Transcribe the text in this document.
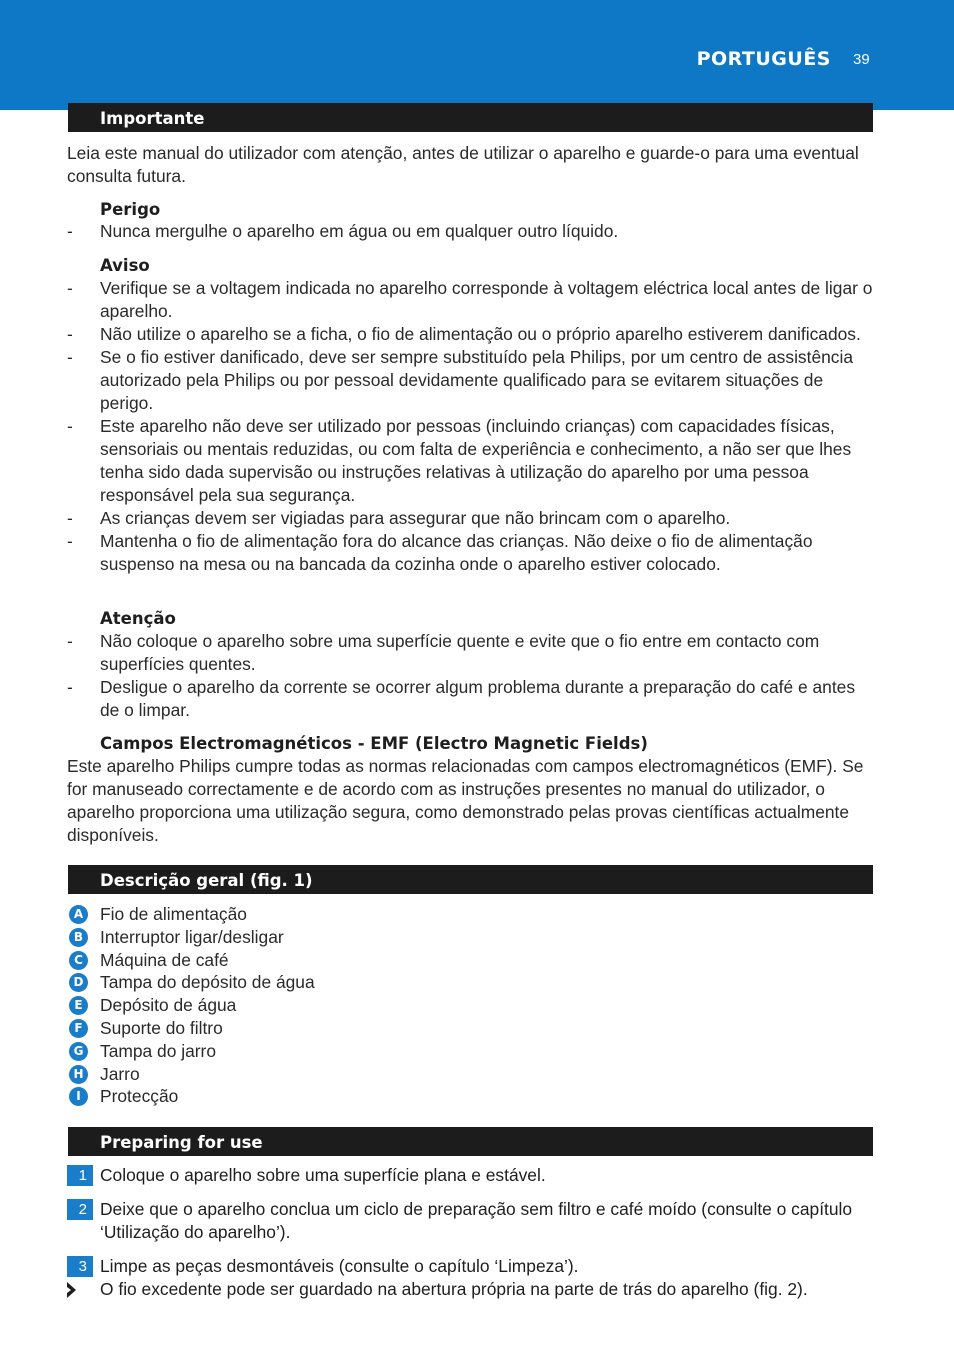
PORTUGUÊS 39
Importante
Leia este manual do utilizador com atenção, antes de utilizar o aparelho e guarde-o para uma eventual consulta futura.
Perigo
- Nunca mergulhe o aparelho em água ou em qualquer outro líquido.
Aviso
- Verifique se a voltagem indicada no aparelho corresponde à voltagem eléctrica local antes de ligar o aparelho.
- Não utilize o aparelho se a ficha, o fio de alimentação ou o próprio aparelho estiverem danificados.
- Se o fio estiver danificado, deve ser sempre substituído pela Philips, por um centro de assistência autorizado pela Philips ou por pessoal devidamente qualificado para se evitarem situações de perigo.
- Este aparelho não deve ser utilizado por pessoas (incluindo crianças) com capacidades físicas, sensoriais ou mentais reduzidas, ou com falta de experiência e conhecimento, a não ser que lhes tenha sido dada supervisão ou instruções relativas à utilização do aparelho por uma pessoa responsável pela sua segurança.
- As crianças devem ser vigiadas para assegurar que não brincam com o aparelho.
- Mantenha o fio de alimentação fora do alcance das crianças. Não deixe o fio de alimentação suspenso na mesa ou na bancada da cozinha onde o aparelho estiver colocado.
Atenção
- Não coloque o aparelho sobre uma superfície quente e evite que o fio entre em contacto com superfícies quentes.
- Desligue o aparelho da corrente se ocorrer algum problema durante a preparação do café e antes de o limpar.
Campos Electromagnéticos - EMF (Electro Magnetic Fields)
Este aparelho Philips cumpre todas as normas relacionadas com campos electromagnéticos (EMF). Se for manuseado correctamente e de acordo com as instruções presentes no manual do utilizador, o aparelho proporciona uma utilização segura, como demonstrado pelas provas científicas actualmente disponíveis.
Descrição geral (fig. 1)
A Fio de alimentação
B Interruptor ligar/desligar
C Máquina de café
D Tampa do depósito de água
E	Depósito de água
F	Suporte do filtro
G Tampa do jarro
H Jarro
I	Protecção
Preparing for use
1 Coloque o aparelho sobre uma superfície plana e estável.
2 Deixe que o aparelho conclua um ciclo de preparação sem filtro e café moído (consulte o capítulo ‘Utilização do aparelho’).
3 Limpe as peças desmontáveis (consulte o capítulo ‘Limpeza’).
O fio excedente pode ser guardado na abertura própria na parte de trás do aparelho (fig. 2).
